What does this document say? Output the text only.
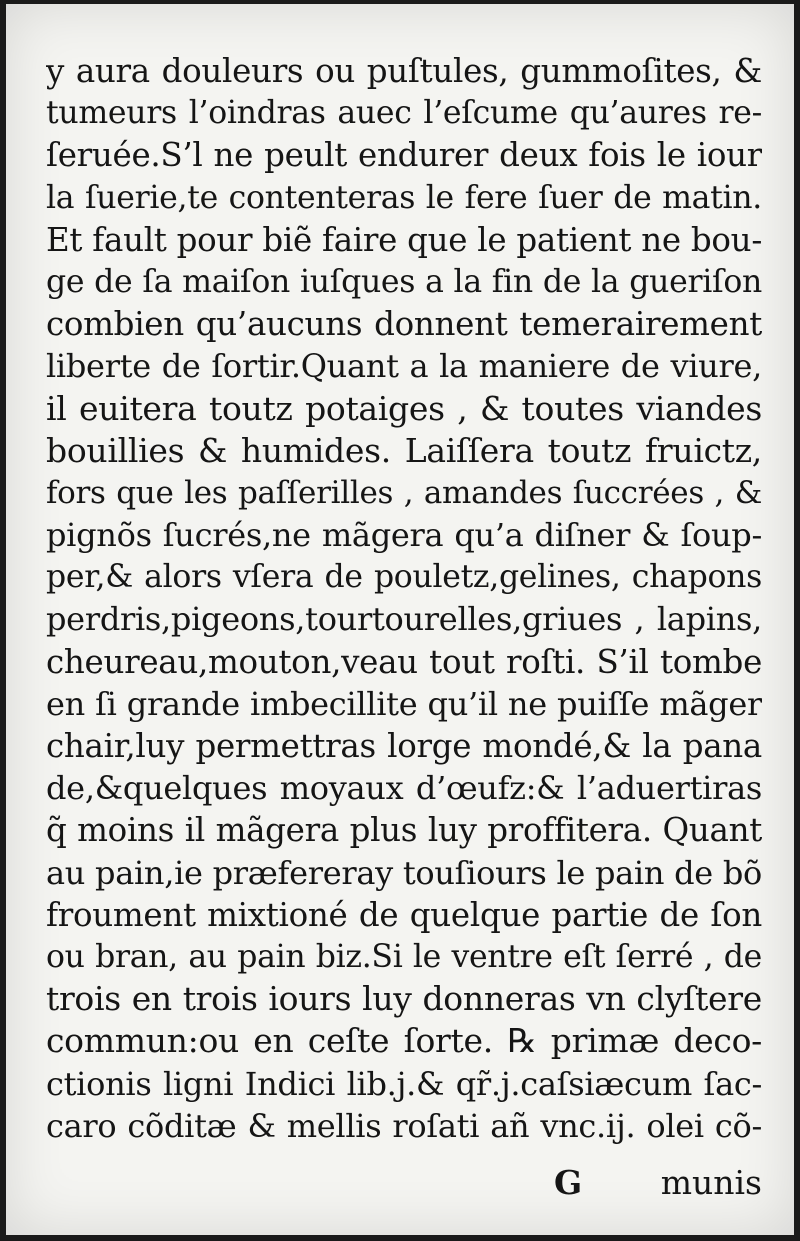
y aura douleurs ou puſtules, gummoſites, &
tumeurs l’oindras auec l’eſcume qu’aures re-
ſeruée.S’l ne peult endurer deux fois le iour
la ſuerie,te contenteras le fere ſuer de matin.
Et fault pour biẽ faire que le patient ne bou-
ge de ſa maiſon iuſques a la fin de la gueriſon
combien qu’aucuns donnent temerairement
liberte de ſortir.Quant a la maniere de viure,
il euitera toutz potaiges , & toutes viandes
bouillies & humides. Laiſſera toutz fruictz,
fors que les paſſerilles , amandes ſuccrées , &
pignõs ſucrés,ne mãgera qu’a diſner & ſoup-
per,& alors vſera de pouletz,gelines, chapons
perdris,pigeons,tourtourelles,griues , lapins,
cheureau,mouton,veau tout roſti. S’il tombe
en ſi grande imbecillite qu’il ne puiſſe mãger
chair,luy permettras lorge mondé,& la pana
de,&quelques moyaux d’œufz:& l’aduertiras
q̃ moins il mãgera plus luy proffitera. Quant
au pain,ie præfereray touſiours le pain de bõ
froument mixtioné de quelque partie de ſon
ou bran, au pain biz.Si le ventre eſt ſerré , de
trois en trois iours luy donneras vn clyſtere
commun:ou en ceſte ſorte. ℞ primæ deco-
ctionis ligni Indici lib.j.& qr̃.j.caſsiæcum ſac-
caro cõditæ & mellis roſati añ vnc.ij. olei cõ-
G munis
